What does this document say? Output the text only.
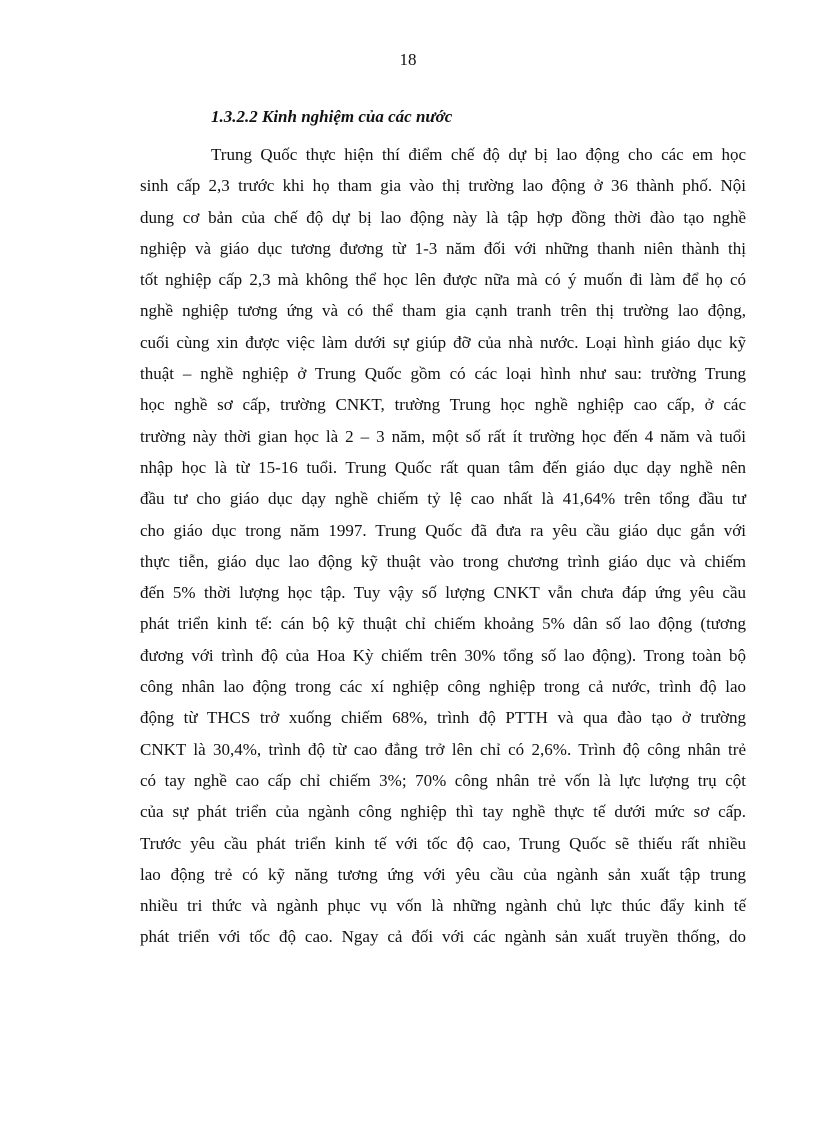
18
1.3.2.2 Kinh nghiệm của các nước
Trung Quốc thực hiện thí điểm chế độ dự bị lao động cho các em học
sinh cấp 2,3 trước khi họ tham gia vào thị trường lao động ở 36 thành phố. Nội
dung cơ bản của chế độ dự bị lao động này là tập hợp đồng thời đào tạo nghề
nghiệp và giáo dục tương đương từ 1-3 năm đối với những thanh niên thành thị
tốt nghiệp cấp 2,3 mà không thể học lên được nữa mà có ý muốn đi làm để họ có
nghề nghiệp tương ứng và có thể tham gia cạnh tranh trên thị trường lao động,
cuối cùng xin được việc làm dưới sự giúp đỡ của nhà nước. Loại hình giáo dục kỹ
thuật – nghề nghiệp ở Trung Quốc gồm có các loại hình như sau: trường Trung
học nghề sơ cấp, trường CNKT, trường Trung học nghề nghiệp cao cấp, ở các
trường này thời gian học là 2 – 3 năm, một số rất ít trường học đến 4 năm và tuổi
nhập học là từ 15-16 tuổi. Trung Quốc rất quan tâm đến giáo dục dạy nghề nên
đầu tư cho giáo dục dạy nghề chiếm tỷ lệ cao nhất là 41,64% trên tổng đầu tư
cho giáo dục trong năm 1997. Trung Quốc đã đưa ra yêu cầu giáo dục gắn với
thực tiễn, giáo dục lao động kỹ thuật vào trong chương trình giáo dục và chiếm
đến 5% thời lượng học tập. Tuy vậy số lượng CNKT vẫn chưa đáp ứng yêu cầu
phát triển kinh tế: cán bộ kỹ thuật chỉ chiếm khoảng 5% dân số lao động (tương
đương với trình độ của Hoa Kỳ chiếm trên 30% tổng số lao động). Trong toàn bộ
công nhân lao động trong các xí nghiệp công nghiệp trong cả nước, trình độ lao
động từ THCS trở xuống chiếm 68%, trình độ PTTH và qua đào tạo ở trường
CNKT là 30,4%, trình độ từ cao đẳng trở lên chỉ có 2,6%. Trình độ công nhân trẻ
có tay nghề cao cấp chỉ chiếm 3%; 70% công nhân trẻ vốn là lực lượng trụ cột
của sự phát triển của ngành công nghiệp thì tay nghề thực tế dưới mức sơ cấp.
Trước yêu cầu phát triển kinh tế với tốc độ cao, Trung Quốc sẽ thiếu rất nhiều
lao động trẻ có kỹ năng tương ứng với yêu cầu của ngành sản xuất tập trung
nhiều tri thức và ngành phục vụ vốn là những ngành chủ lực thúc đẩy kinh tế
phát triển với tốc độ cao. Ngay cả đối với các ngành sản xuất truyền thống, do
